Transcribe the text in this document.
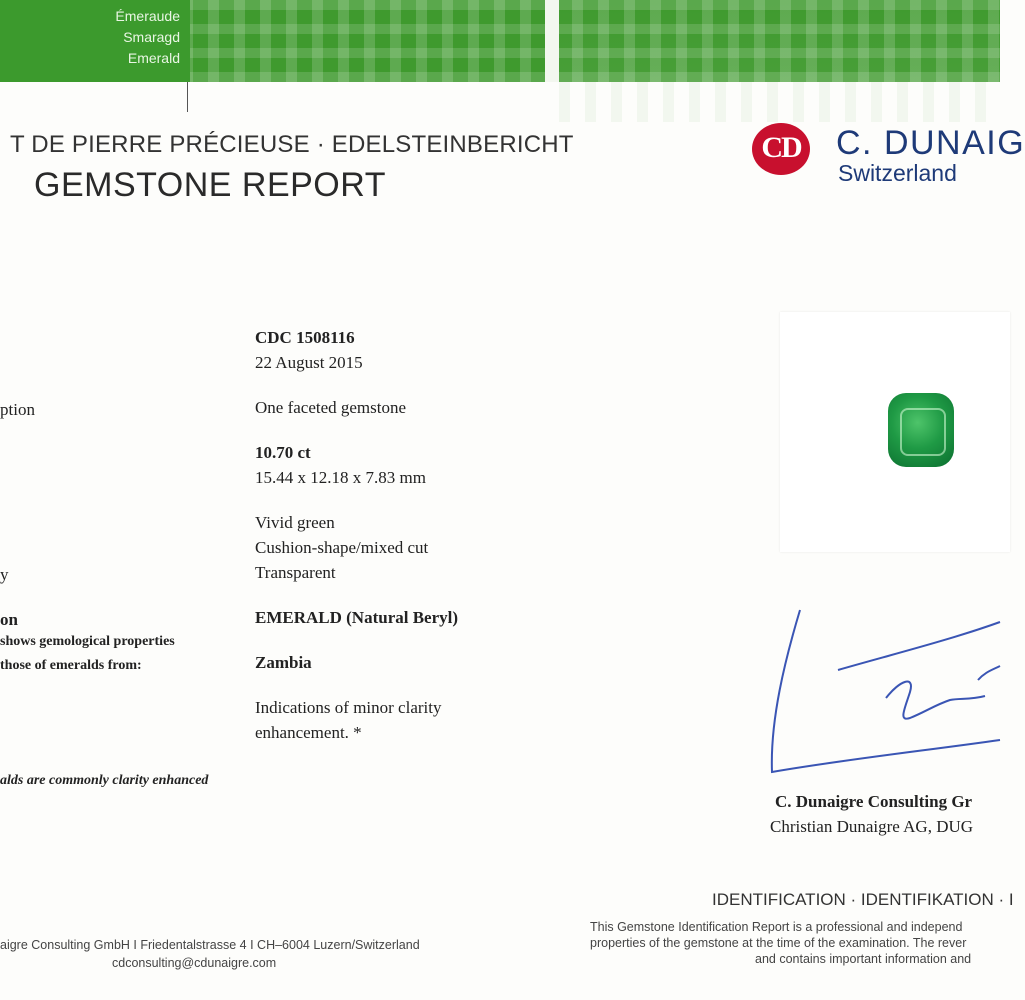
Émeraude
Smaragd
Emerald
T DE PIERRE PRÉCIEUSE · EDELSTEINBERICHT
GEMSTONE REPORT
ption
y
on
shows gemological properties
those of emeralds from:
alds are commonly clarity enhanced
CDC 1508116
22 August 2015
One faceted gemstone
10.70 ct
15.44 x 12.18 x 7.83 mm
Vivid green
Cushion-shape/mixed cut
Transparent
EMERALD (Natural Beryl)
Zambia
Indications of minor clarity
enhancement. *
CD C. DUNAIG
Switzerland
C. Dunaigre Consulting Gr
Christian Dunaigre AG, DUG
IDENTIFICATION · IDENTIFIKATION · I
This Gemstone Identification Report is a professional and independ
properties of the gemstone at the time of the examination. The rever
and contains important information and
aigre Consulting GmbH I Friedentalstrasse 4 I CH–6004 Luzern/Switzerland
cdconsulting@cdunaigre.com
